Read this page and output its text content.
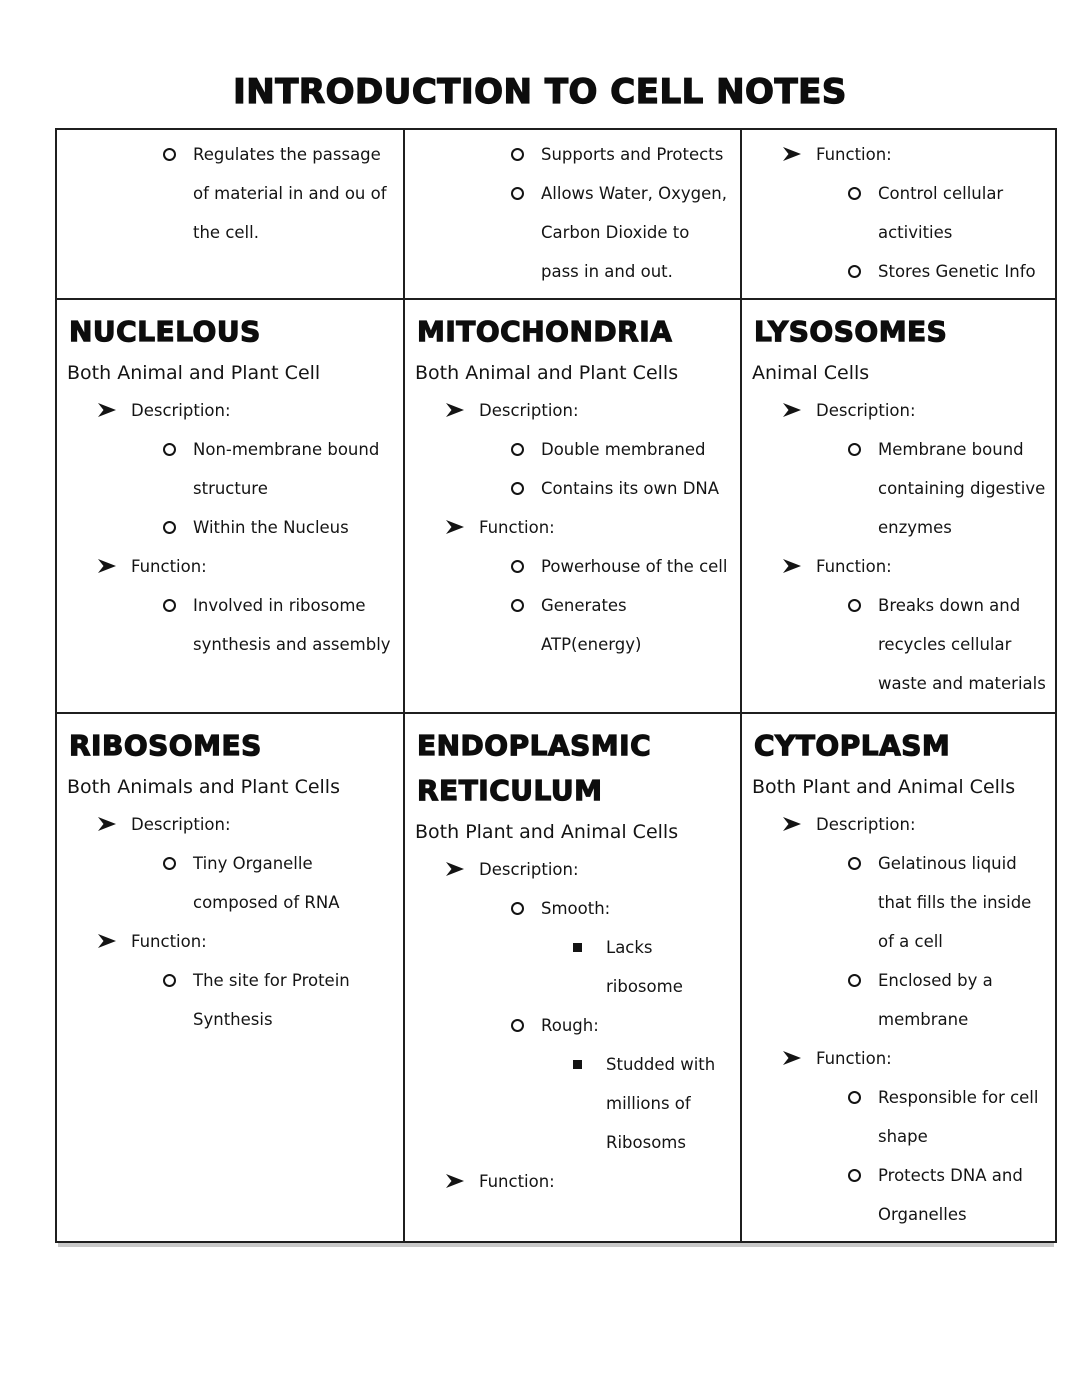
INTRODUCTION TO CELL NOTES
Regulates the passage of material in and ou of the cell.
Supports and Protects
Allows Water, Oxygen, Carbon Dioxide to pass in and out.
Function:
Control cellular activities
Stores Genetic Info
NUCLELOUS
Both Animal and Plant Cell
Description:
Non-membrane bound structure
Within the Nucleus
Function:
Involved in ribosome synthesis and assembly
MITOCHONDRIA
Both Animal and Plant Cells
Description:
Double membraned
Contains its own DNA
Function:
Powerhouse of the cell
Generates ATP(energy)
LYSOSOMES
Animal Cells
Description:
Membrane bound containing digestive enzymes
Function:
Breaks down and recycles cellular waste and materials
RIBOSOMES
Both Animals and Plant Cells
Description:
Tiny Organelle composed of RNA
Function:
The site for Protein Synthesis
ENDOPLASMIC RETICULUM
Both Plant and Animal Cells
Description:
Smooth:
Lacks ribosome
Rough:
Studded with millions of Ribosoms
Function:
CYTOPLASM
Both Plant and Animal Cells
Description:
Gelatinous liquid that fills the inside of a cell
Enclosed by a membrane
Function:
Responsible for cell shape
Protects DNA and Organelles
